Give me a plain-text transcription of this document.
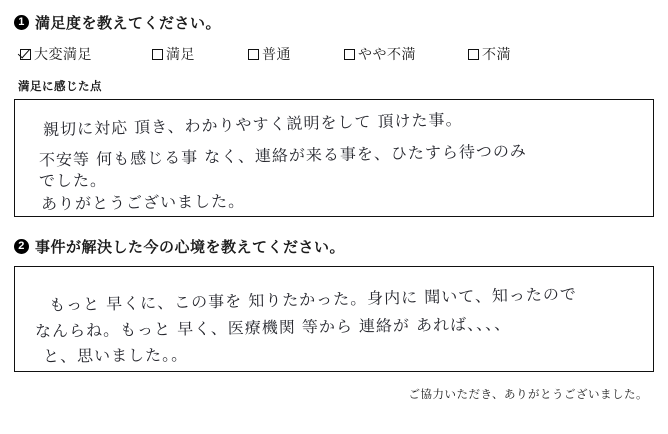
1 満足度を教えてください。
大変満足	満足	普通	やや不満	不満
満足に感じた点
親切に対応 頂き、わかりやすく説明をして 頂けた事。
不安等 何も感じる事 なく、連絡が来る事を、ひたすら待つのみ
でした。
ありがとうございました。
2 事件が解決した今の心境を教えてください。
もっと 早くに、この事を 知りたかった。身内に 聞いて、知ったので
なんらね。もっと 早く、医療機関 等から 連絡が あれば、、、、
と、思いました。。
ご協力いただき、ありがとうございました。
